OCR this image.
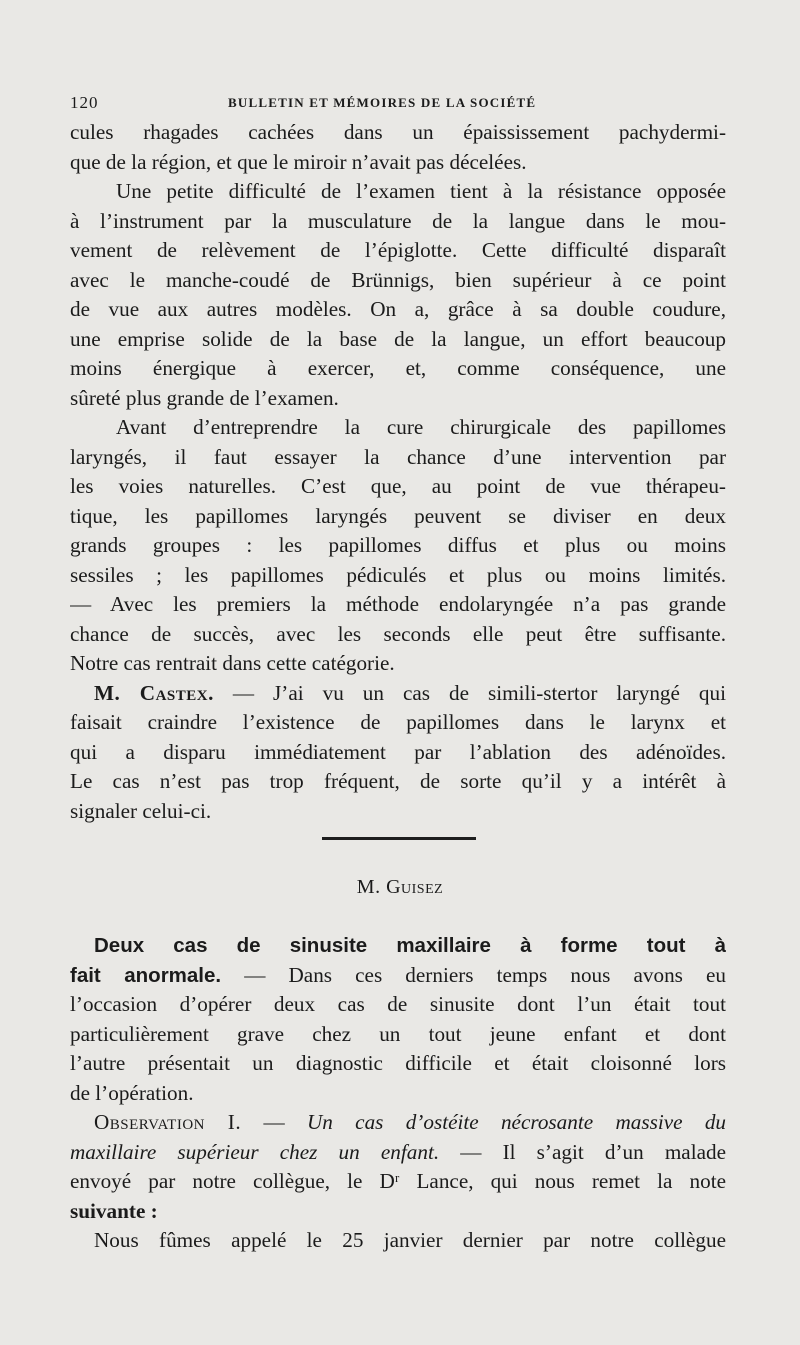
120	BULLETIN ET MÉMOIRES DE LA SOCIÉTÉ
cules rhagades cachées dans un épaississement pachydermi-
que de la région, et que le miroir n’avait pas décelées.
Une petite difficulté de l’examen tient à la résistance opposée
à l’instrument par la musculature de la langue dans le mou-
vement de relèvement de l’épiglotte. Cette difficulté disparaît
avec le manche-coudé de Brünnigs, bien supérieur à ce point
de vue aux autres modèles. On a, grâce à sa double coudure,
une emprise solide de la base de la langue, un effort beaucoup
moins énergique à exercer, et, comme conséquence, une
sûreté plus grande de l’examen.
Avant d’entreprendre la cure chirurgicale des papillomes
laryngés, il faut essayer la chance d’une intervention par
les voies naturelles. C’est que, au point de vue thérapeu-
tique, les papillomes laryngés peuvent se diviser en deux
grands groupes : les papillomes diffus et plus ou moins
sessiles ; les papillomes pédiculés et plus ou moins limités.
— Avec les premiers la méthode endolaryngée n’a pas grande
chance de succès, avec les seconds elle peut être suffisante.
Notre cas rentrait dans cette catégorie.
M. Castex. — J’ai vu un cas de simili-stertor laryngé qui
faisait craindre l’existence de papillomes dans le larynx et
qui a disparu immédiatement par l’ablation des adénoïdes.
Le cas n’est pas trop fréquent, de sorte qu’il y a intérêt à
signaler celui-ci.
M. Guisez
Deux cas de sinusite maxillaire à forme tout à
fait anormale. — Dans ces derniers temps nous avons eu
l’occasion d’opérer deux cas de sinusite dont l’un était tout
particulièrement grave chez un tout jeune enfant et dont
l’autre présentait un diagnostic difficile et était cloisonné lors
de l’opération.
Observation I. — Un cas d’ostéite nécrosante massive du
maxillaire supérieur chez un enfant. — Il s’agit d’un malade
envoyé par notre collègue, le Dʳ Lance, qui nous remet la note
suivante :
Nous fûmes appelé le 25 janvier dernier par notre collègue
